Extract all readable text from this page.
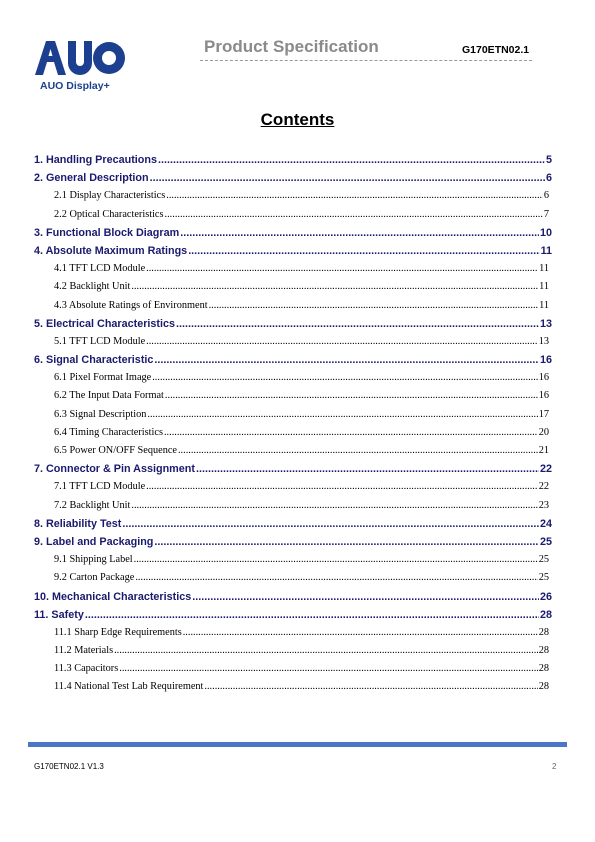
AUO Display+
Product Specification	G170ETN02.1
Contents
1. Handling Precautions .....	5
2. General Description .....	6
2.1 Display Characteristics .....	6
2.2 Optical Characteristics .....	7
3. Functional Block Diagram .....	10
4. Absolute Maximum Ratings .....	11
4.1 TFT LCD Module .....	11
4.2 Backlight Unit .....	11
4.3 Absolute Ratings of Environment .....	11
5. Electrical Characteristics .....	13
5.1 TFT LCD Module .....	13
6. Signal Characteristic .....	16
6.1 Pixel Format Image .....	16
6.2 The Input Data Format .....	16
6.3 Signal Description .....	17
6.4 Timing Characteristics .....	20
6.5 Power ON/OFF Sequence .....	21
7. Connector & Pin Assignment .....	22
7.1 TFT LCD Module .....	22
7.2 Backlight Unit .....	23
8. Reliability Test .....	24
9. Label and Packaging .....	25
9.1 Shipping Label .....	25
9.2 Carton Package .....	25
10. Mechanical Characteristics .....	26
11. Safety .....	28
11.1 Sharp Edge Requirements .....	28
11.2 Materials .....	28
11.3 Capacitors .....	28
11.4 National Test Lab Requirement .....	28
G170ETN02.1 V1.3	2
